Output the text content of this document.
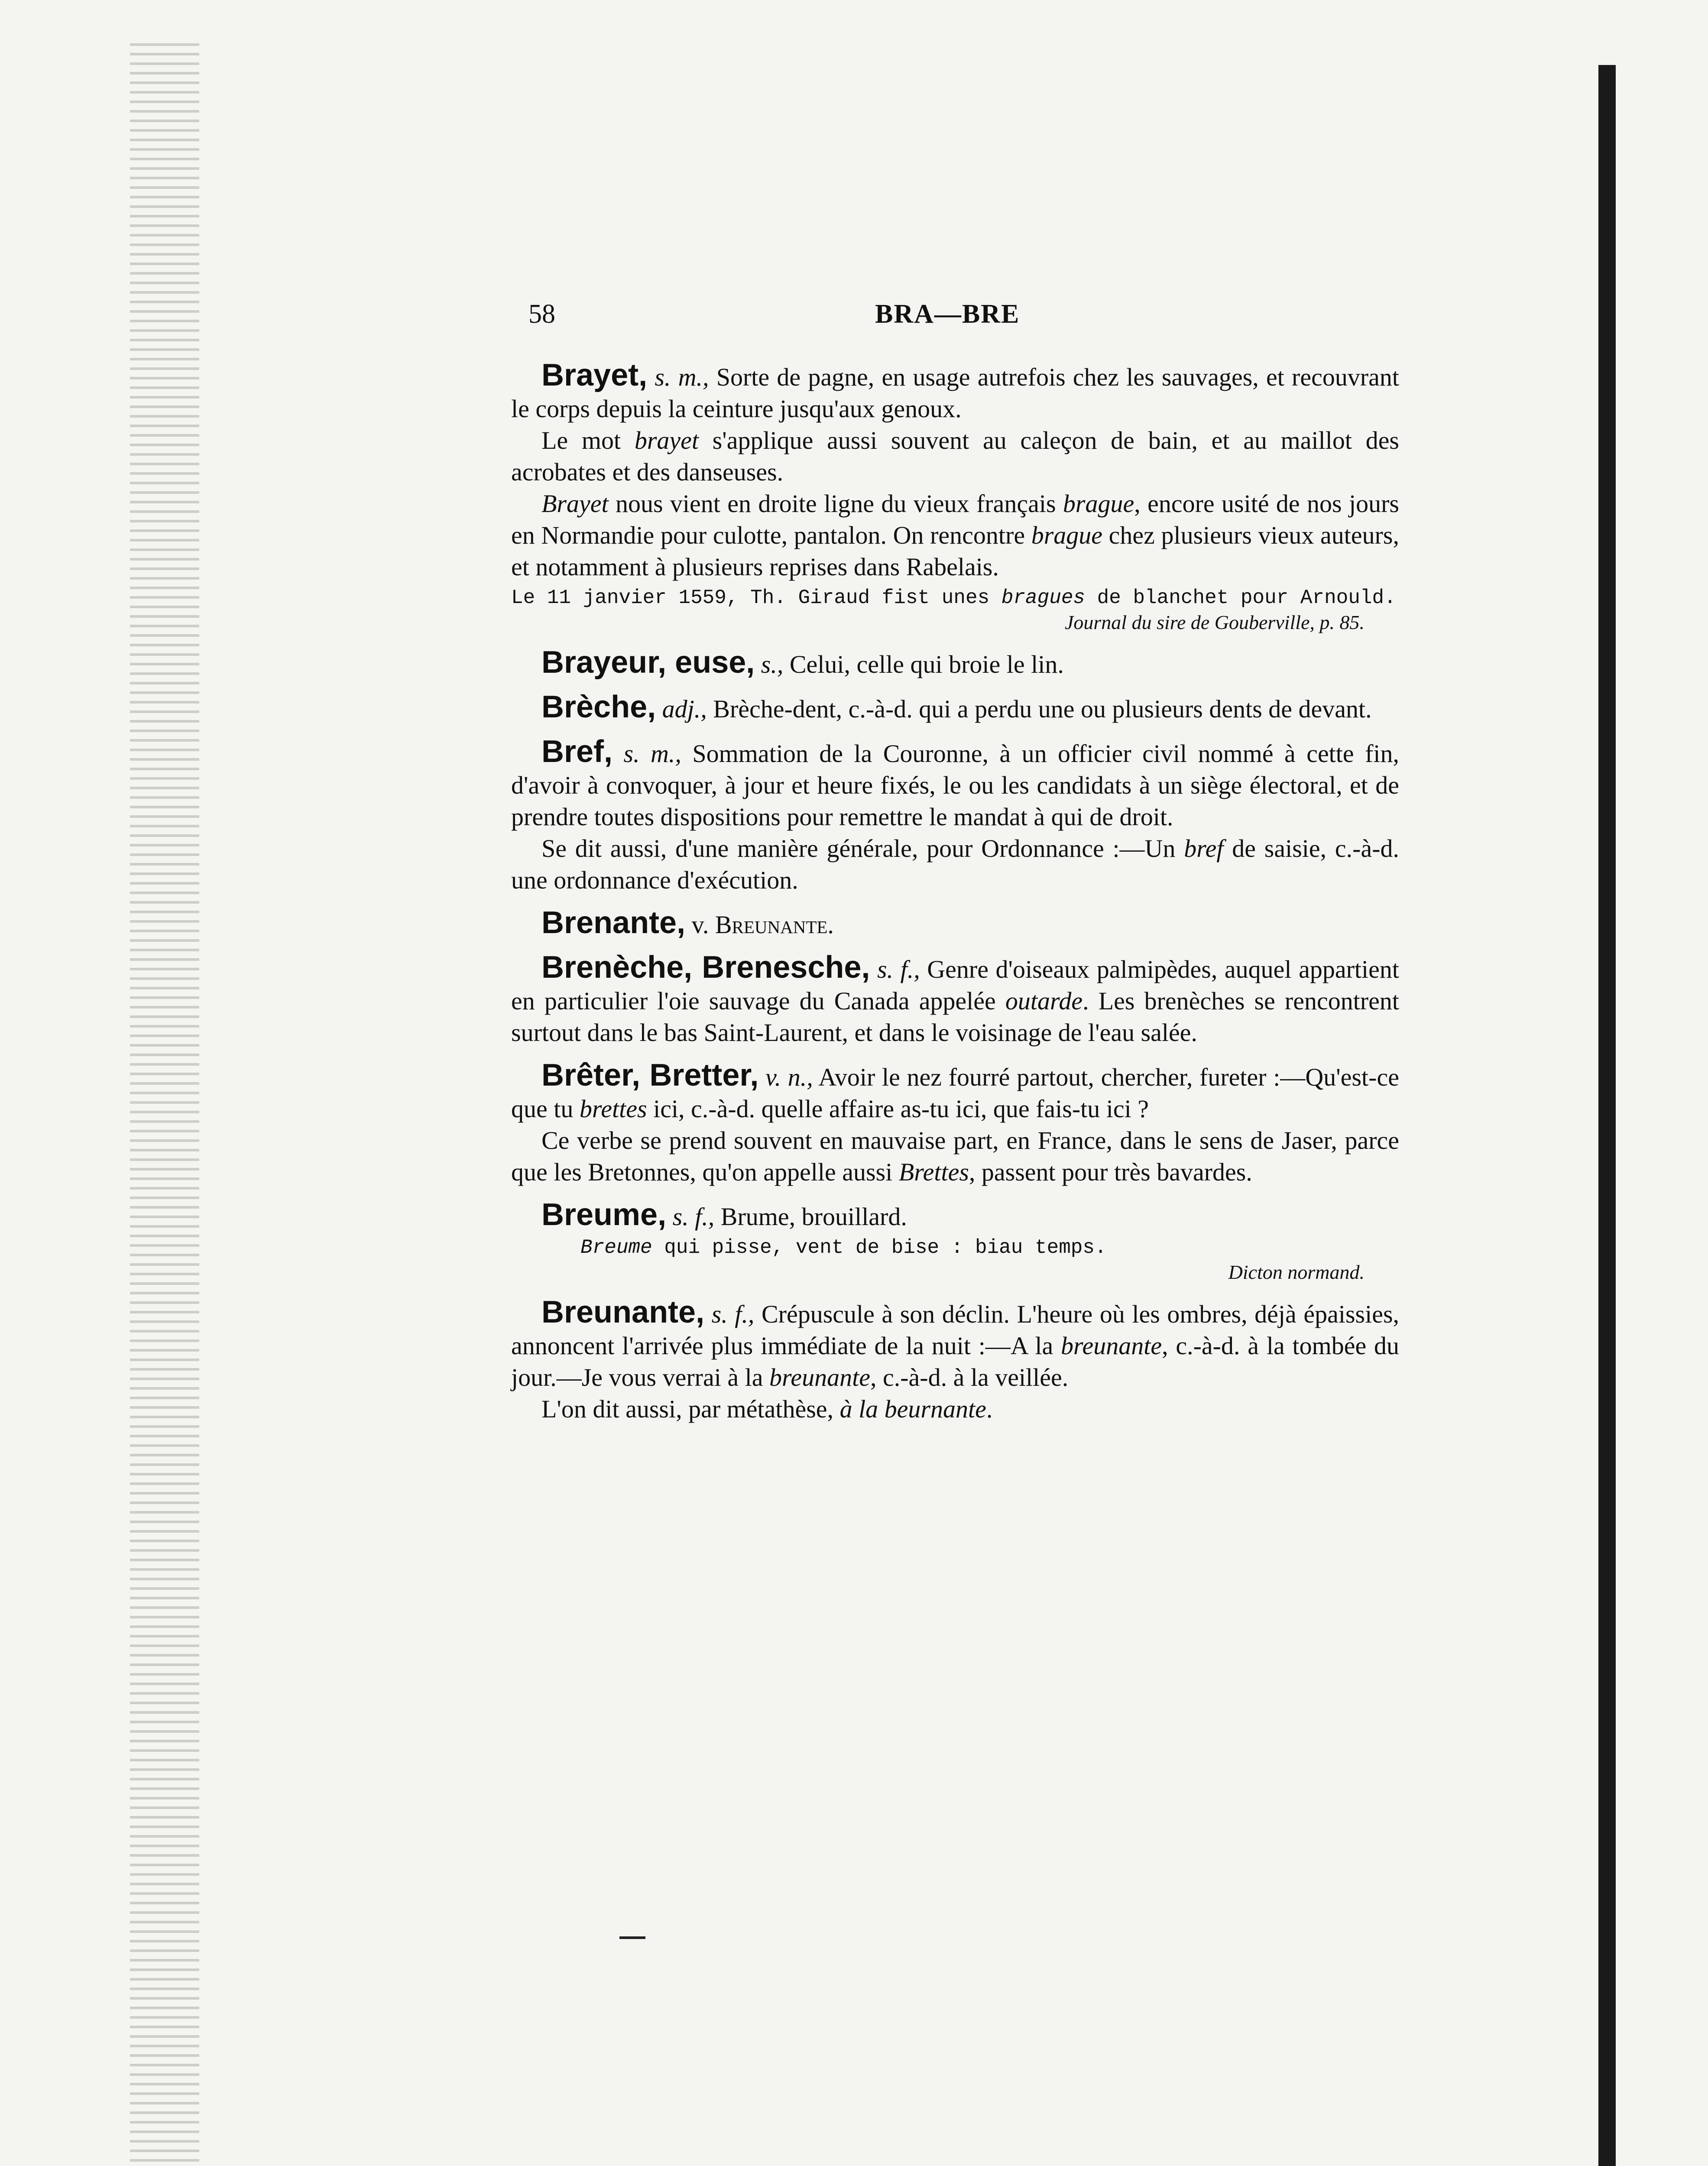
58	BRA—BRE

Brayet, s. m., Sorte de pagne, en usage autrefois chez les sauvages, et recouvrant le corps depuis la ceinture jusqu'aux genoux.

Le mot brayet s'applique aussi souvent au caleçon de bain, et au maillot des acrobates et des danseuses.

Brayet nous vient en droite ligne du vieux français brague, encore usité de nos jours en Normandie pour culotte, pantalon. On rencontre brague chez plusieurs vieux auteurs, et notamment à plusieurs reprises dans Rabelais.

Le 11 janvier 1559, Th. Giraud fist unes bragues de blanchet pour Arnould.

Journal du sire de Gouberville, p. 85.

Brayeur, euse, s., Celui, celle qui broie le lin.

Brèche, adj., Brèche-dent, c.-à-d. qui a perdu une ou plusieurs dents de devant.

Bref, s. m., Sommation de la Couronne, à un officier civil nommé à cette fin, d'avoir à convoquer, à jour et heure fixés, le ou les candidats à un siège électoral, et de prendre toutes dispositions pour remettre le mandat à qui de droit.

Se dit aussi, d'une manière générale, pour Ordonnance :—Un bref de saisie, c.-à-d. une ordonnance d'exécution.

Brenante, v. Breunante.

Brenèche, Brenesche, s. f., Genre d'oiseaux palmipèdes, auquel appartient en particulier l'oie sauvage du Canada appelée outarde. Les brenèches se rencontrent surtout dans le bas Saint-Laurent, et dans le voisinage de l'eau salée.

Brêter, Bretter, v. n., Avoir le nez fourré partout, chercher, fureter :—Qu'est-ce que tu brettes ici, c.-à-d. quelle affaire as-tu ici, que fais-tu ici ?

Ce verbe se prend souvent en mauvaise part, en France, dans le sens de Jaser, parce que les Bretonnes, qu'on appelle aussi Brettes, passent pour très bavardes.

Breume, s. f., Brume, brouillard.

Breume qui pisse, vent de bise : biau temps.

Dicton normand.

Breunante, s. f., Crépuscule à son déclin. L'heure où les ombres, déjà épaissies, annoncent l'arrivée plus immédiate de la nuit :—A la breunante, c.-à-d. à la tombée du jour.—Je vous verrai à la breunante, c.-à-d. à la veillée.

L'on dit aussi, par métathèse, à la beurnante.
